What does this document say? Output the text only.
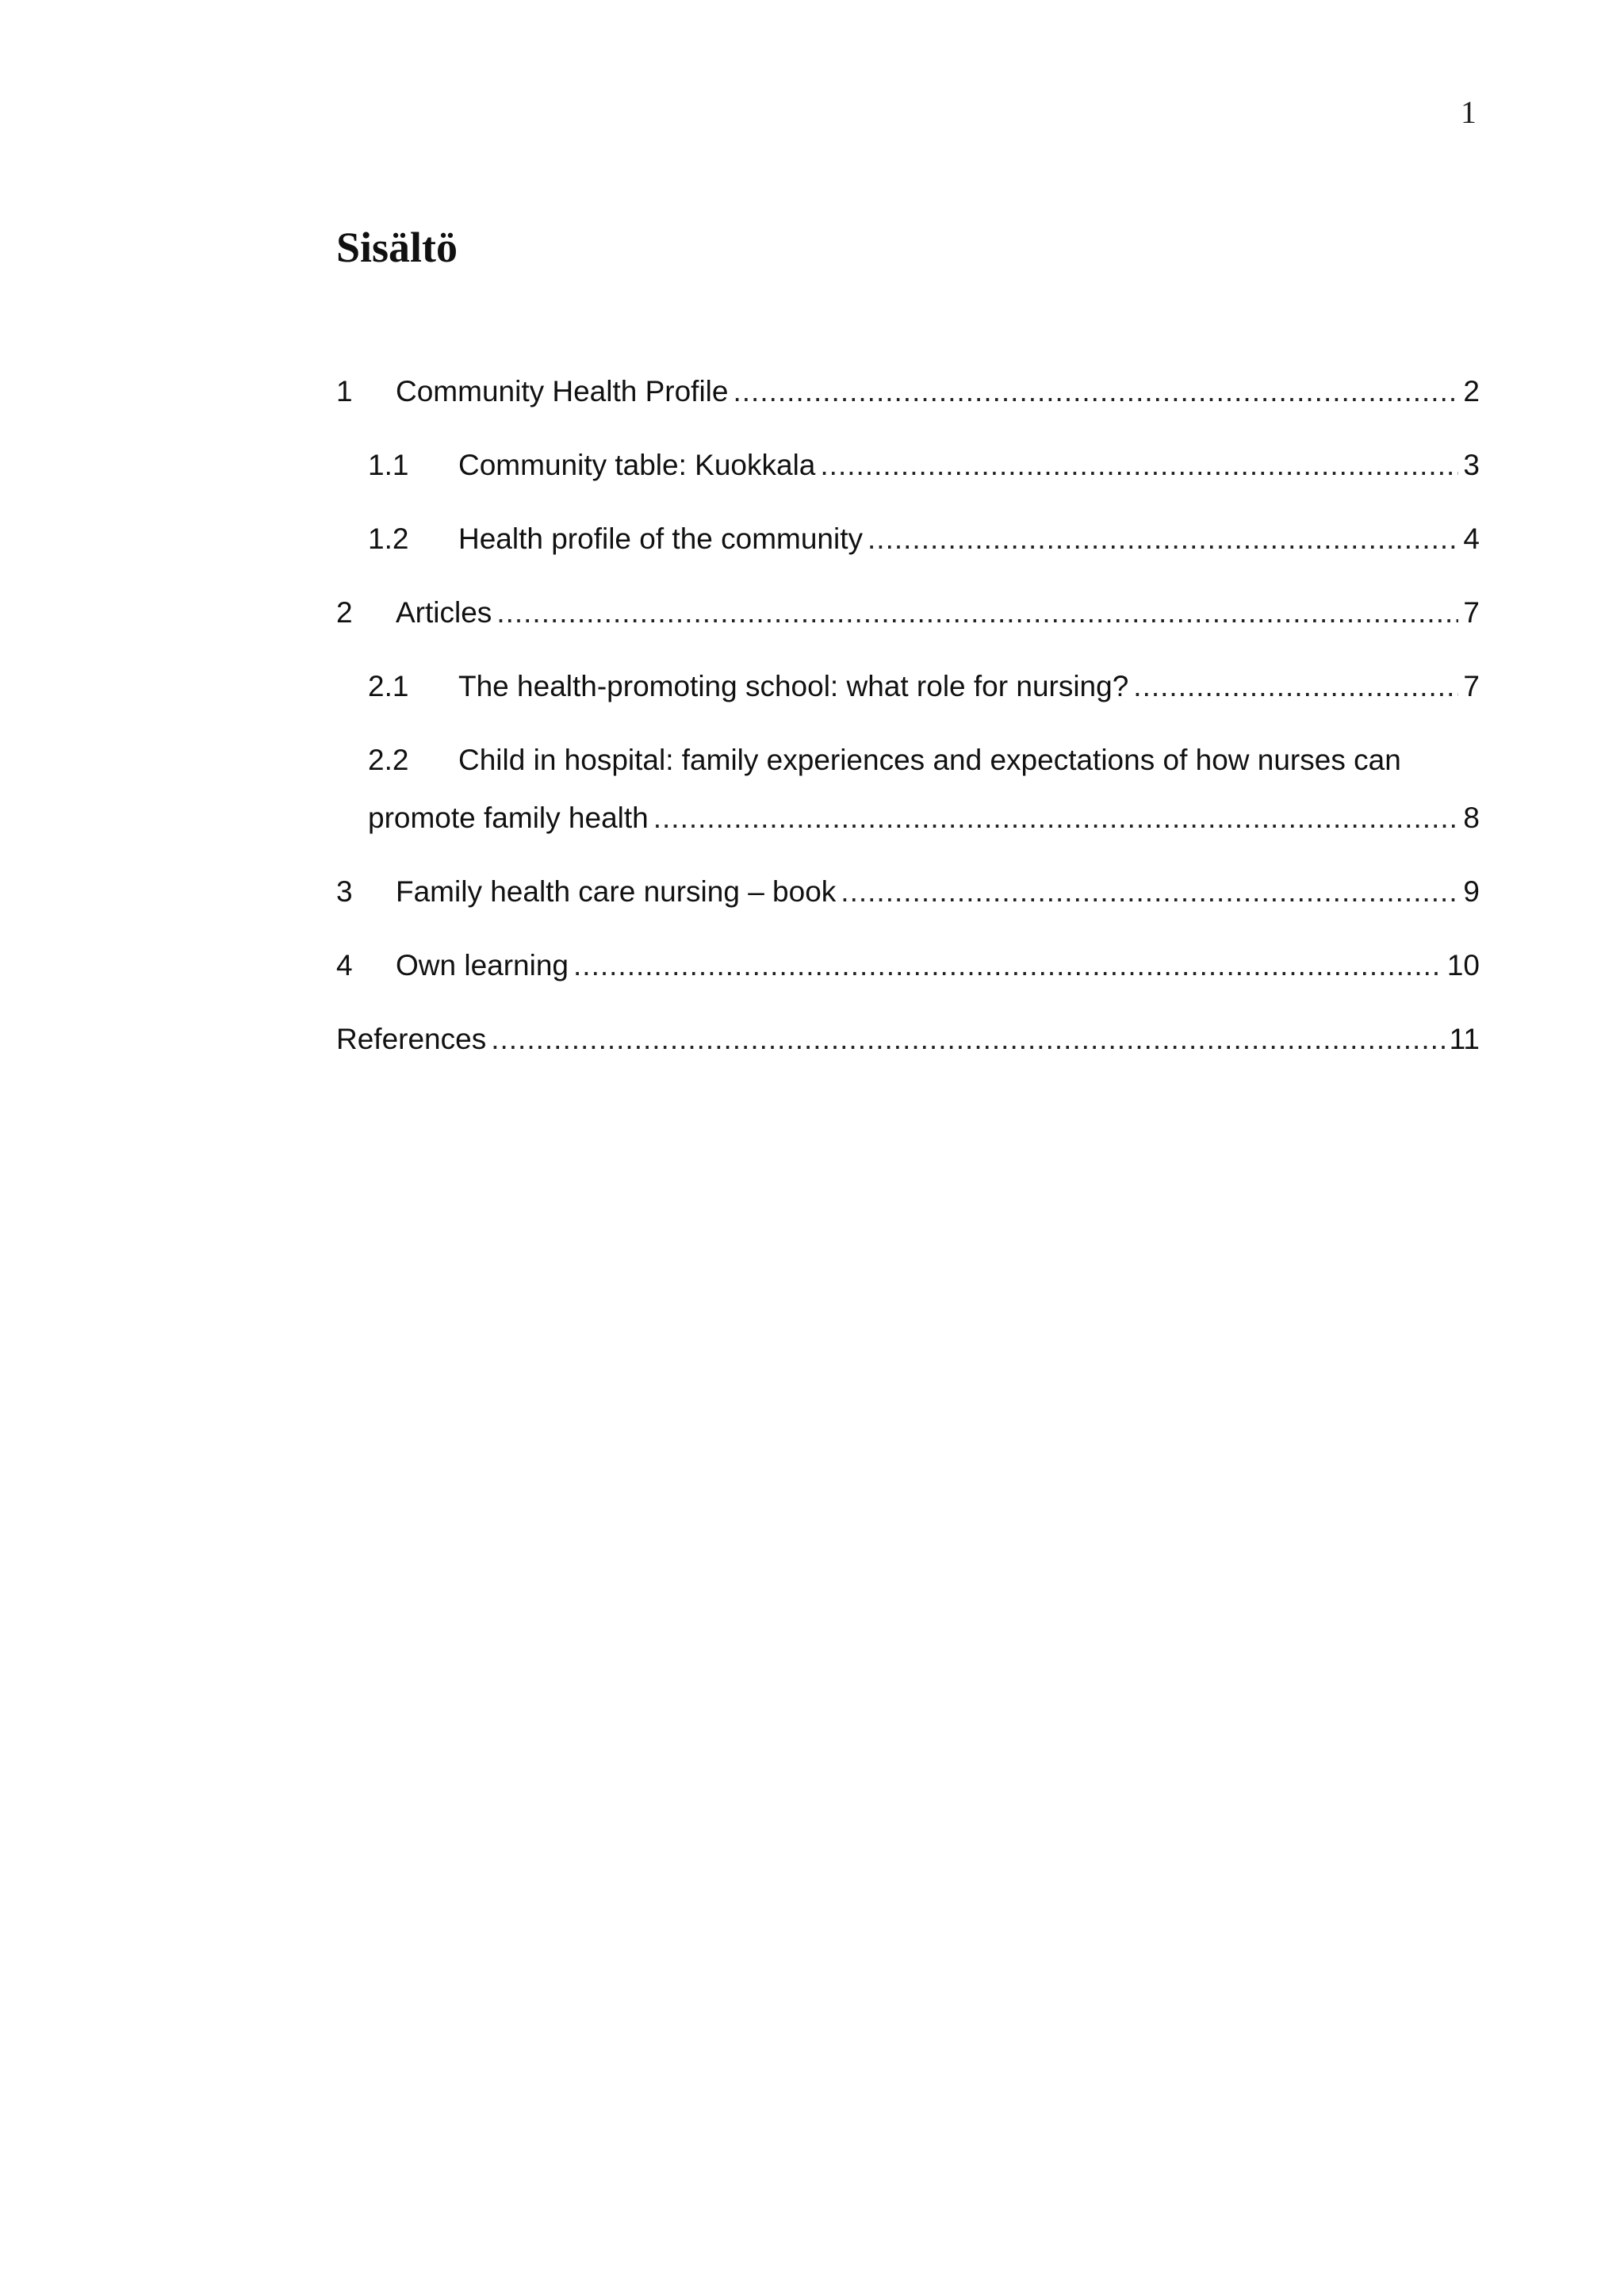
1
Sisältö
1	Community Health Profile .....	2
1.1	Community table: Kuokkala .....	3
1.2	Health profile of the community .....	4
2	Articles .....	7
2.1	The health-promoting school: what role for nursing? .....	7
2.2	Child in hospital: family experiences and expectations of how nurses can
promote family health .....	8
3	Family health care nursing – book .....	9
4	Own learning .....	10
References .....	11
